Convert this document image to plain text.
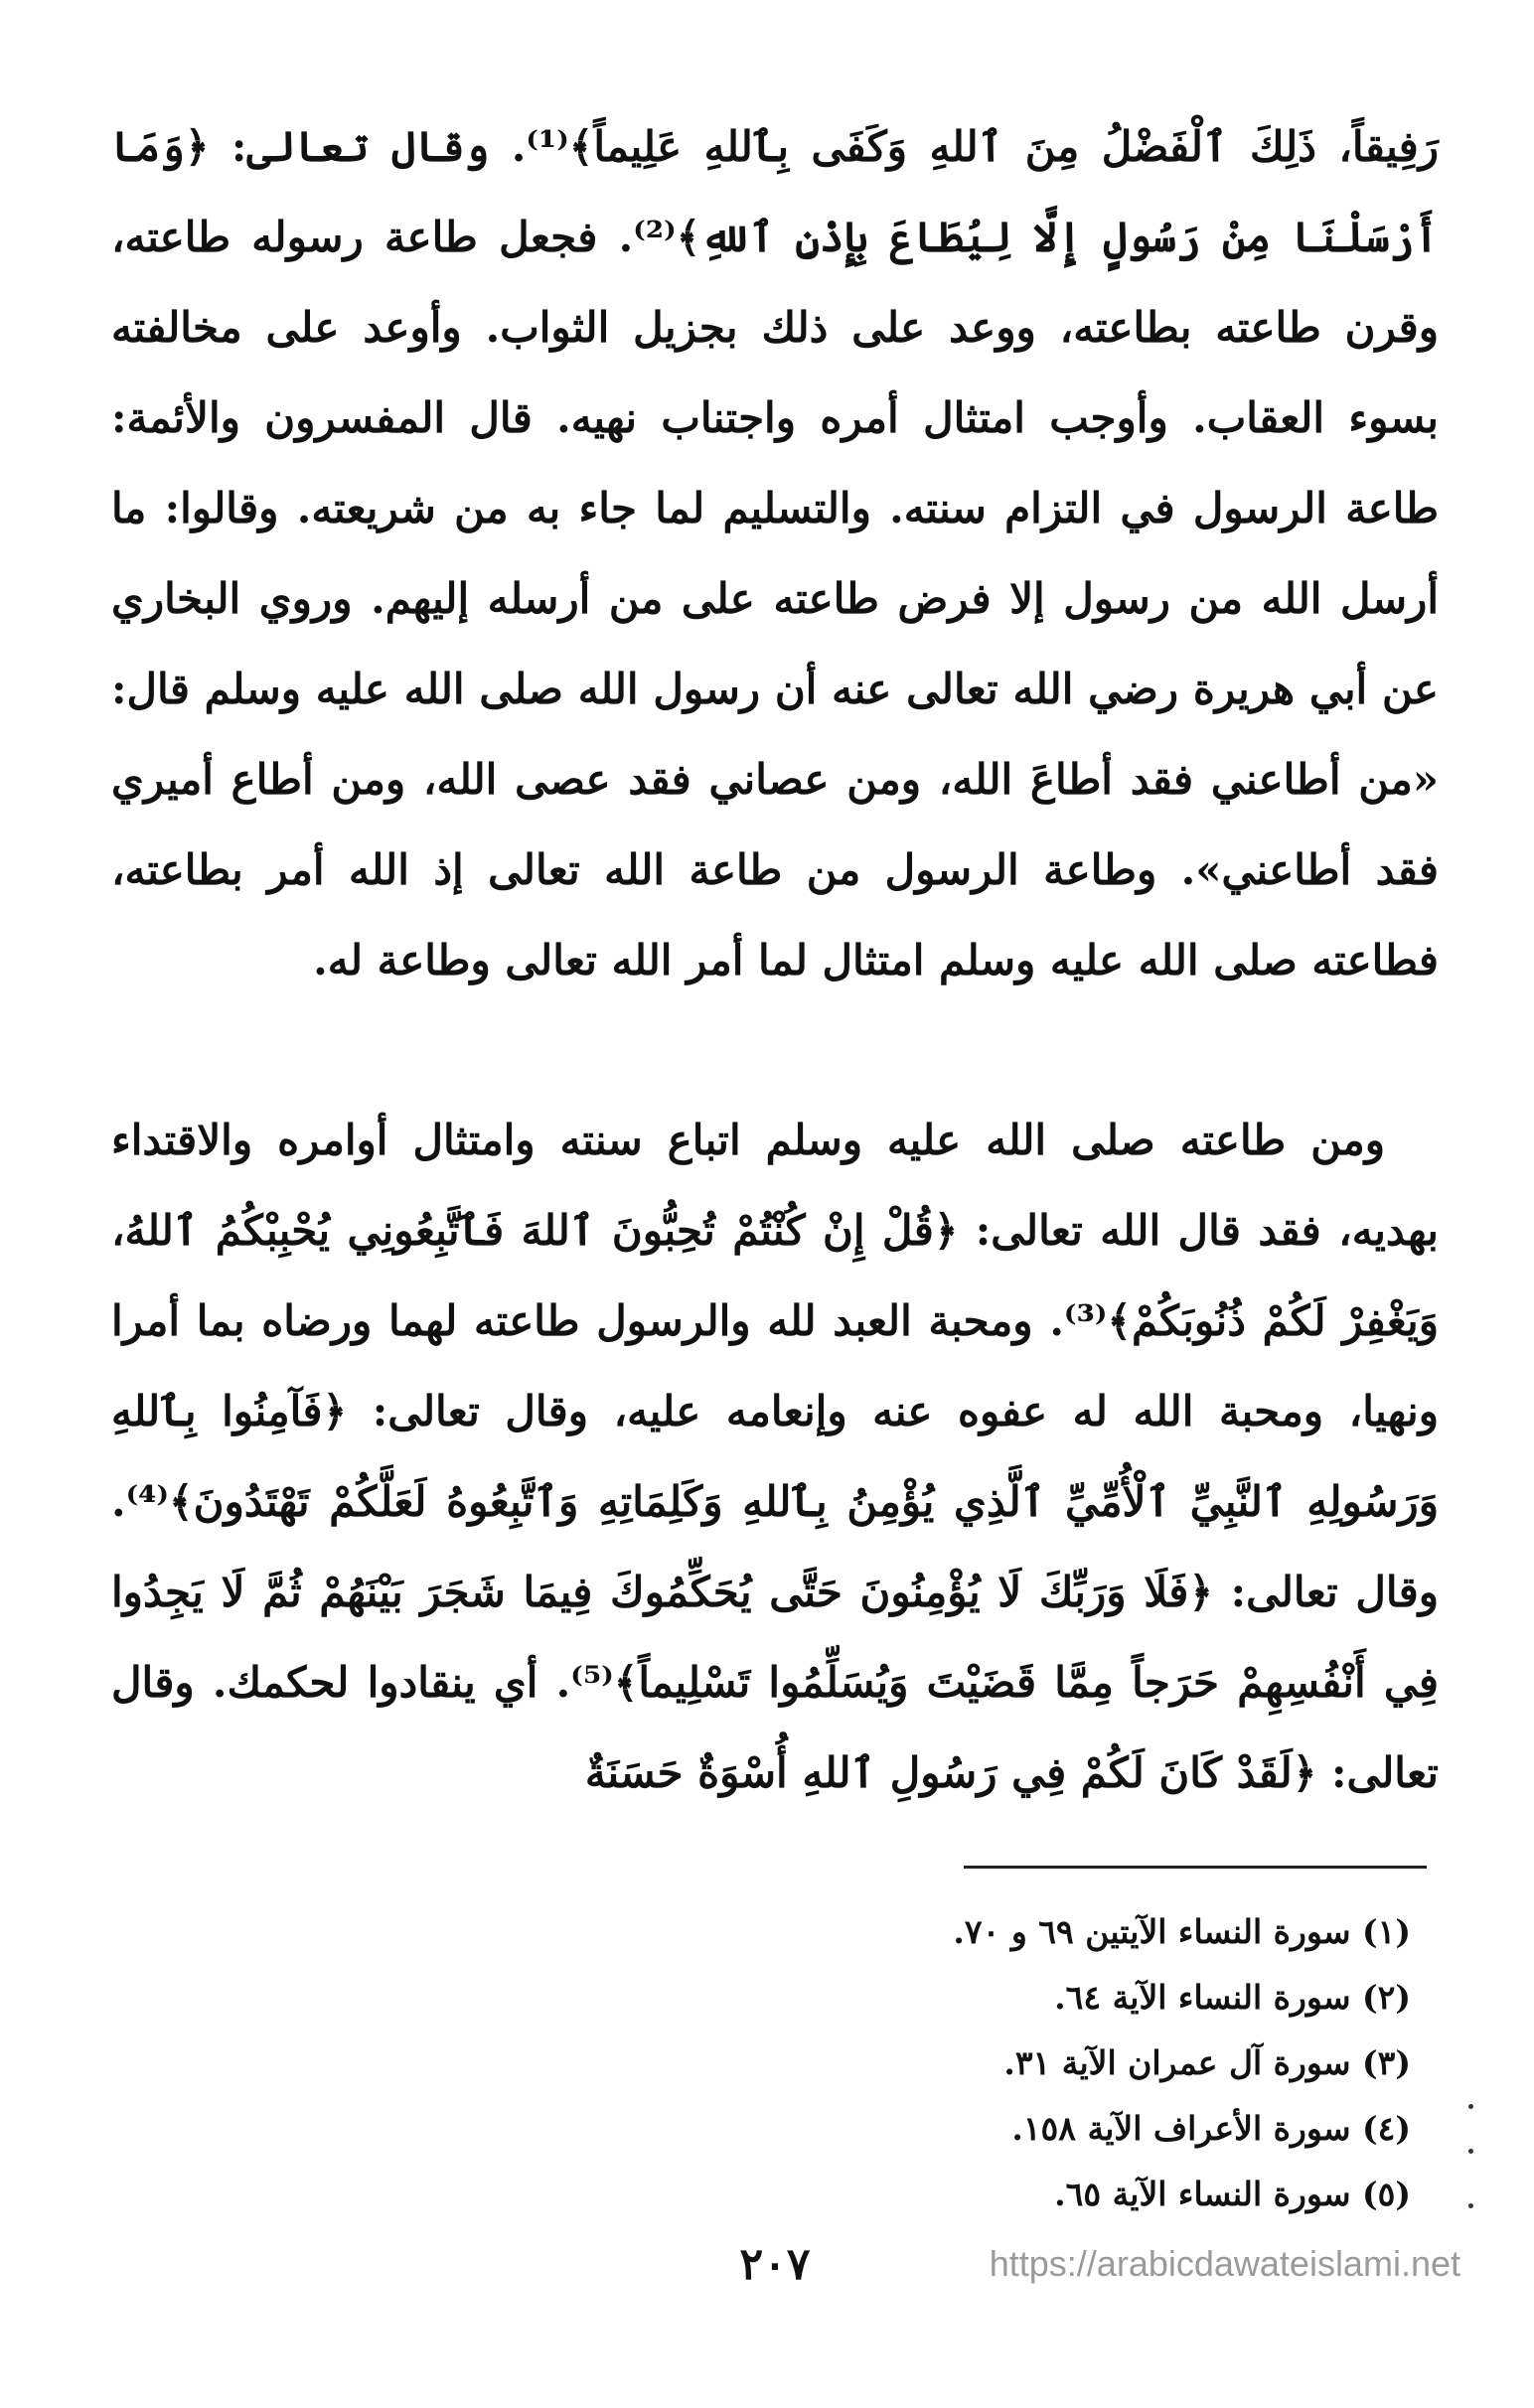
رَفِيقاً، ذَلِكَ ٱلْفَضْلُ مِنَ ٱللهِ وَكَفَى بِٱللهِ عَلِيماً﴾⁽¹⁾. وقال تعالى: ﴿وَمَا أَرْسَلْنَا مِنْ رَسُولٍ إِلَّا لِيُطَاعَ بِإِذْنِ ٱللهِ﴾⁽²⁾. فجعل طاعة رسوله طاعته، وقرن طاعته بطاعته، ووعد على ذلك بجزيل الثواب. وأوعد على مخالفته بسوء العقاب. وأوجب امتثال أمره واجتناب نهيه. قال المفسرون والأئمة: طاعة الرسول في التزام سنته. والتسليم لما جاء به من شريعته. وقالوا: ما أرسل الله من رسول إلا فرض طاعته على من أرسله إليهم. وروي البخاري عن أبي هريرة رضي الله تعالى عنه أن رسول الله صلى الله عليه وسلم قال: «من أطاعني فقد أطاعَ الله، ومن عصاني فقد عصى الله، ومن أطاع أميري فقد أطاعني». وطاعة الرسول من طاعة الله تعالى إذ الله أمر بطاعته، فطاعته صلى الله عليه وسلم امتثال لما أمر الله تعالى وطاعة له.

ومن طاعته صلى الله عليه وسلم اتباع سنته وامتثال أوامره والاقتداء بهديه، فقد قال الله تعالى: ﴿قُلْ إِنْ كُنْتُمْ تُحِبُّونَ ٱللهَ فَٱتَّبِعُونِي يُحْبِبْكُمُ ٱللهُ، وَيَغْفِرْ لَكُمْ ذُنُوبَكُمْ﴾⁽³⁾. ومحبة العبد لله والرسول طاعته لهما ورضاه بما أمرا ونهيا، ومحبة الله له عفوه عنه وإنعامه عليه، وقال تعالى: ﴿فَآمِنُوا بِٱللهِ وَرَسُولِهِ ٱلنَّبِيِّ ٱلْأُمِّيِّ ٱلَّذِي يُؤْمِنُ بِٱللهِ وَكَلِمَاتِهِ وَٱتَّبِعُوهُ لَعَلَّكُمْ تَهْتَدُونَ﴾⁽⁴⁾. وقال تعالى: ﴿فَلَا وَرَبِّكَ لَا يُؤْمِنُونَ حَتَّى يُحَكِّمُوكَ فِيمَا شَجَرَ بَيْنَهُمْ ثُمَّ لَا يَجِدُوا فِي أَنْفُسِهِمْ حَرَجاً مِمَّا قَضَيْتَ وَيُسَلِّمُوا تَسْلِيماً﴾⁽⁵⁾. أي ينقادوا لحكمك. وقال تعالى: ﴿لَقَدْ كَانَ لَكُمْ فِي رَسُولِ ٱللهِ أُسْوَةٌ حَسَنَةٌ

(١) سورة النساء الآيتين ٦٩ و ٧٠.
(٢) سورة النساء الآية ٦٤.
(٣) سورة آل عمران الآية ٣١.
(٤) سورة الأعراف الآية ١٥٨.
(٥) سورة النساء الآية ٦٥.
٢٠٧	https://arabicdawateislami.net
